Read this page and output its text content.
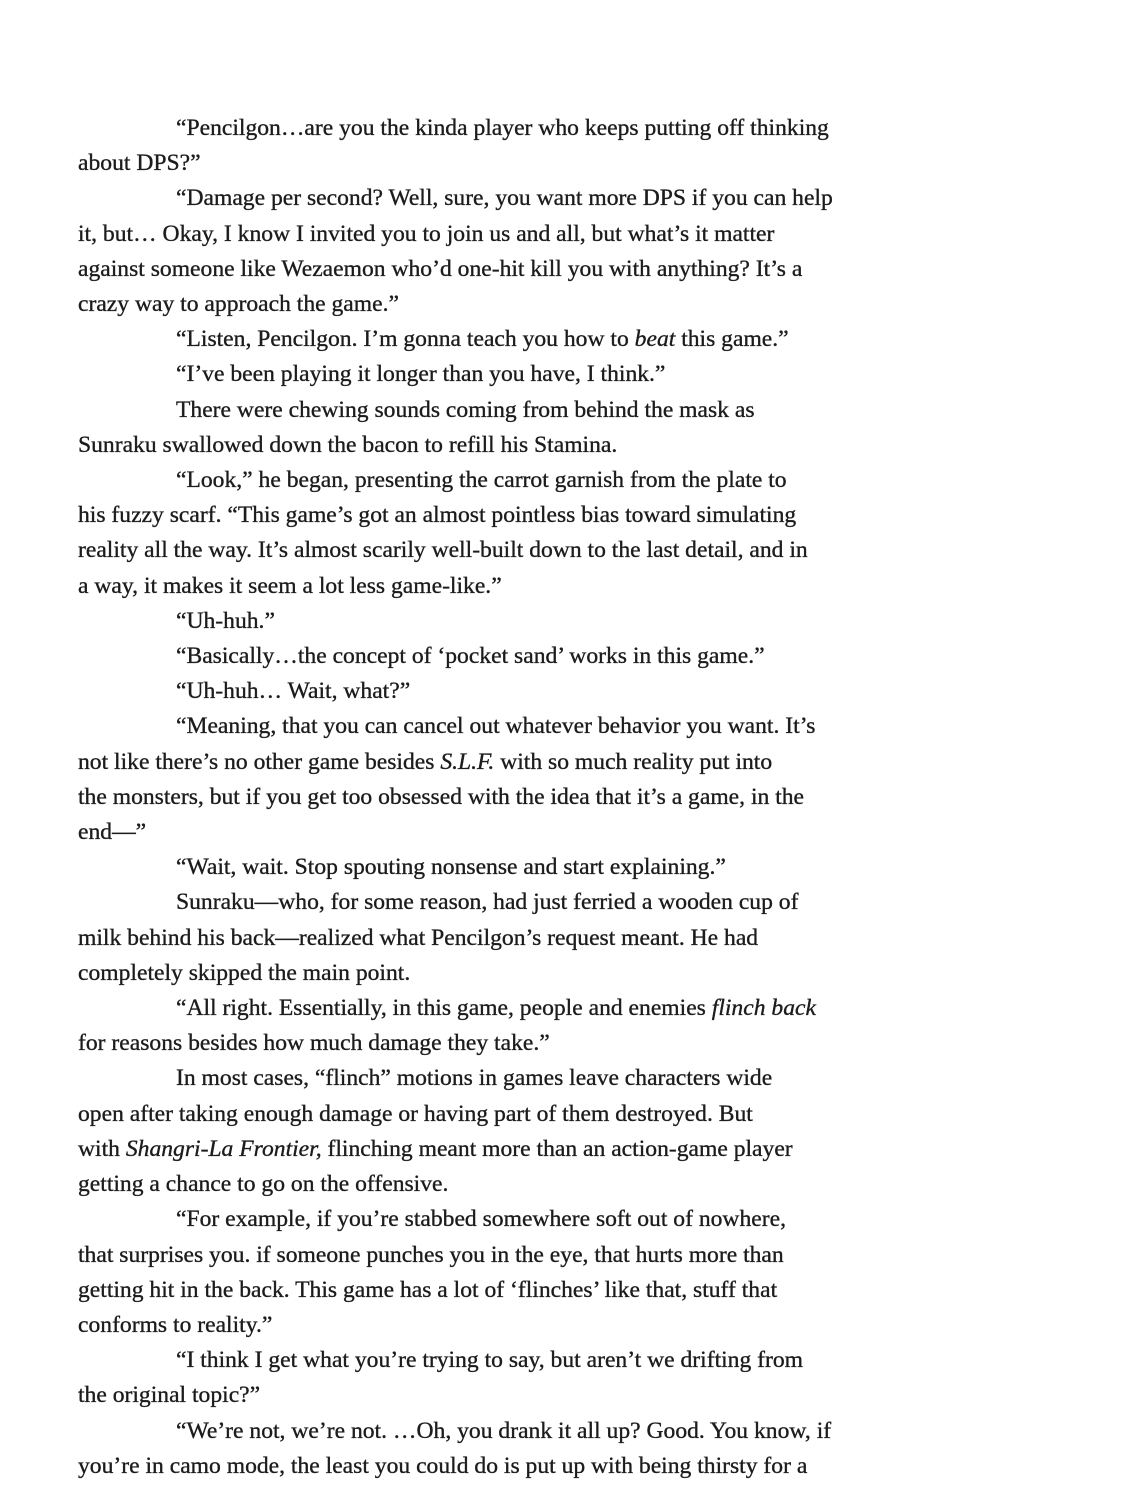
“Pencilgon…are you the kinda player who keeps putting off thinking
about DPS?”
“Damage per second? Well, sure, you want more DPS if you can help
it, but… Okay, I know I invited you to join us and all, but what’s it matter
against someone like Wezaemon who’d one-hit kill you with anything? It’s a
crazy way to approach the game.”
“Listen, Pencilgon. I’m gonna teach you how to beat this game.”
“I’ve been playing it longer than you have, I think.”
There were chewing sounds coming from behind the mask as
Sunraku swallowed down the bacon to refill his Stamina.
“Look,” he began, presenting the carrot garnish from the plate to
his fuzzy scarf. “This game’s got an almost pointless bias toward simulating
reality all the way. It’s almost scarily well-built down to the last detail, and in
a way, it makes it seem a lot less game-like.”
“Uh-huh.”
“Basically…the concept of ‘pocket sand’ works in this game.”
“Uh-huh… Wait, what?”
“Meaning, that you can cancel out whatever behavior you want. It’s
not like there’s no other game besides S.L.F. with so much reality put into
the monsters, but if you get too obsessed with the idea that it’s a game, in the
end—”
“Wait, wait. Stop spouting nonsense and start explaining.”
Sunraku—who, for some reason, had just ferried a wooden cup of
milk behind his back—realized what Pencilgon’s request meant. He had
completely skipped the main point.
“All right. Essentially, in this game, people and enemies flinch back
for reasons besides how much damage they take.”
In most cases, “flinch” motions in games leave characters wide
open after taking enough damage or having part of them destroyed. But
with Shangri-La Frontier, flinching meant more than an action-game player
getting a chance to go on the offensive.
“For example, if you’re stabbed somewhere soft out of nowhere,
that surprises you. if someone punches you in the eye, that hurts more than
getting hit in the back. This game has a lot of ‘flinches’ like that, stuff that
conforms to reality.”
“I think I get what you’re trying to say, but aren’t we drifting from
the original topic?”
“We’re not, we’re not. …Oh, you drank it all up? Good. You know, if
you’re in camo mode, the least you could do is put up with being thirsty for a
